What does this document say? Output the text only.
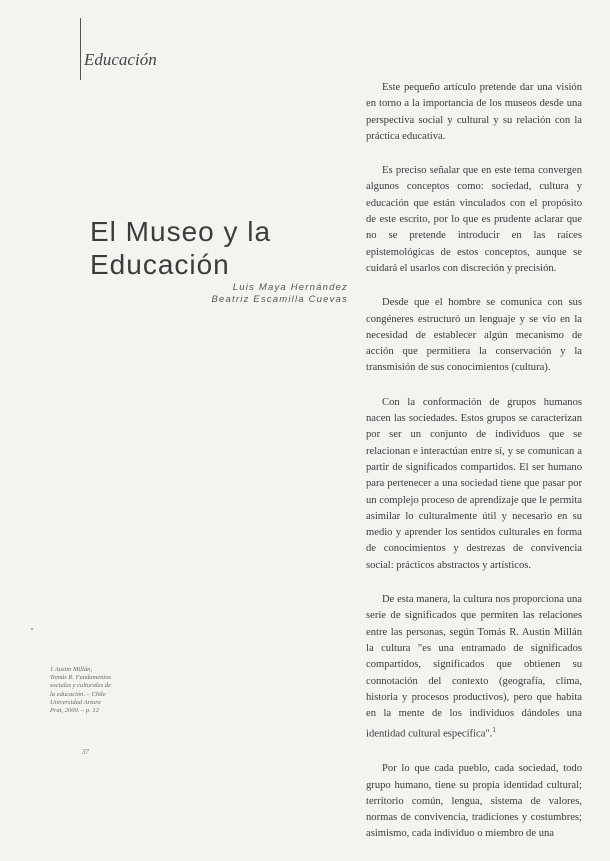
Educación
El Museo y la
Educación
Luis Maya Hernández
Beatriz Escamilla Cuevas

Este pequeño artículo pretende dar una visión en torno a la importancia de los museos desde una perspectiva social y cultural y su relación con la práctica educativa.

Es preciso señalar que en este tema convergen algunos conceptos como: sociedad, cultura y educación que están vinculados con el propósito de este escrito, por lo que es prudente aclarar que no se pretende introducir en las raíces epistemológicas de estos conceptos, aunque se cuidará el usarlos con discreción y precisión.

Desde que el hombre se comunica con sus congéneres estructuró un lenguaje y se vio en la necesidad de establecer algún mecanismo de acción que permitiera la conservación y la transmisión de sus conocimientos (cultura).

Con la conformación de grupos humanos nacen las sociedades. Estos grupos se caracterizan por ser un conjunto de individuos que se relacionan e interactúan entre sí, y se comunican a partir de significados compartidos. El ser humano para pertenecer a una sociedad tiene que pasar por un complejo proceso de aprendizaje que le permita asimilar lo culturalmente útil y necesario en su medio y aprender los sentidos culturales en forma de conocimientos y destrezas de convivencia social: prácticos abstractos y artísticos.

De esta manera, la cultura nos proporciona una serie de significados que permiten las relaciones entre las personas, según Tomás R. Austin Millán la cultura "es una entramado de significados compartidos, significados que obtienen su connotación del contexto (geografía, clima, historia y procesos productivos), pero que habita en la mente de los individuos dándoles una identidad cultural específica".$^1$

Por lo que cada pueblo, cada sociedad, todo grupo humano, tiene su propia identidad cultural; territorio común, lengua, sistema de valores, normas de convivencia, tradiciones y costumbres; asimismo, cada individuo o miembro de una

1 Austin Millán,
Tomás R. Fundamentos
sociales y culturales de
la educación. – Chile
Universidad Arturo
Prat, 2000. – p. 12
37
